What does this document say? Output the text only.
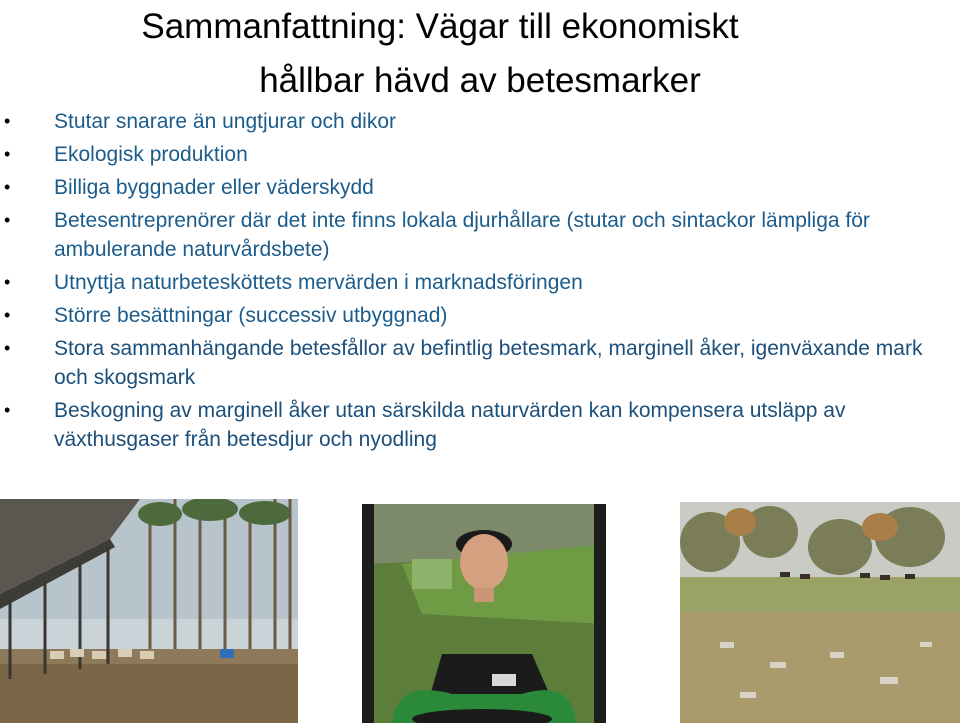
Sammanfattning: Vägar till ekonomiskt
hållbar hävd av betesmarker
• Stutar snarare än ungtjurar och dikor
• Ekologisk produktion
• Billiga byggnader eller väderskydd
• Betesentreprenörer där det inte finns lokala djurhållare (stutar och sintackor lämpliga för ambulerande naturvårdsbete)
• Utnyttja naturbetesköttets mervärden i marknadsföringen
• Större besättningar (successiv utbyggnad)
• Stora sammanhängande betesfållor av befintlig betesmark, marginell åker, igenväxande mark och skogsmark
• Beskogning av marginell åker utan särskilda naturvärden kan kompensera utsläpp av växthusgaser från betesdjur och nyodling
